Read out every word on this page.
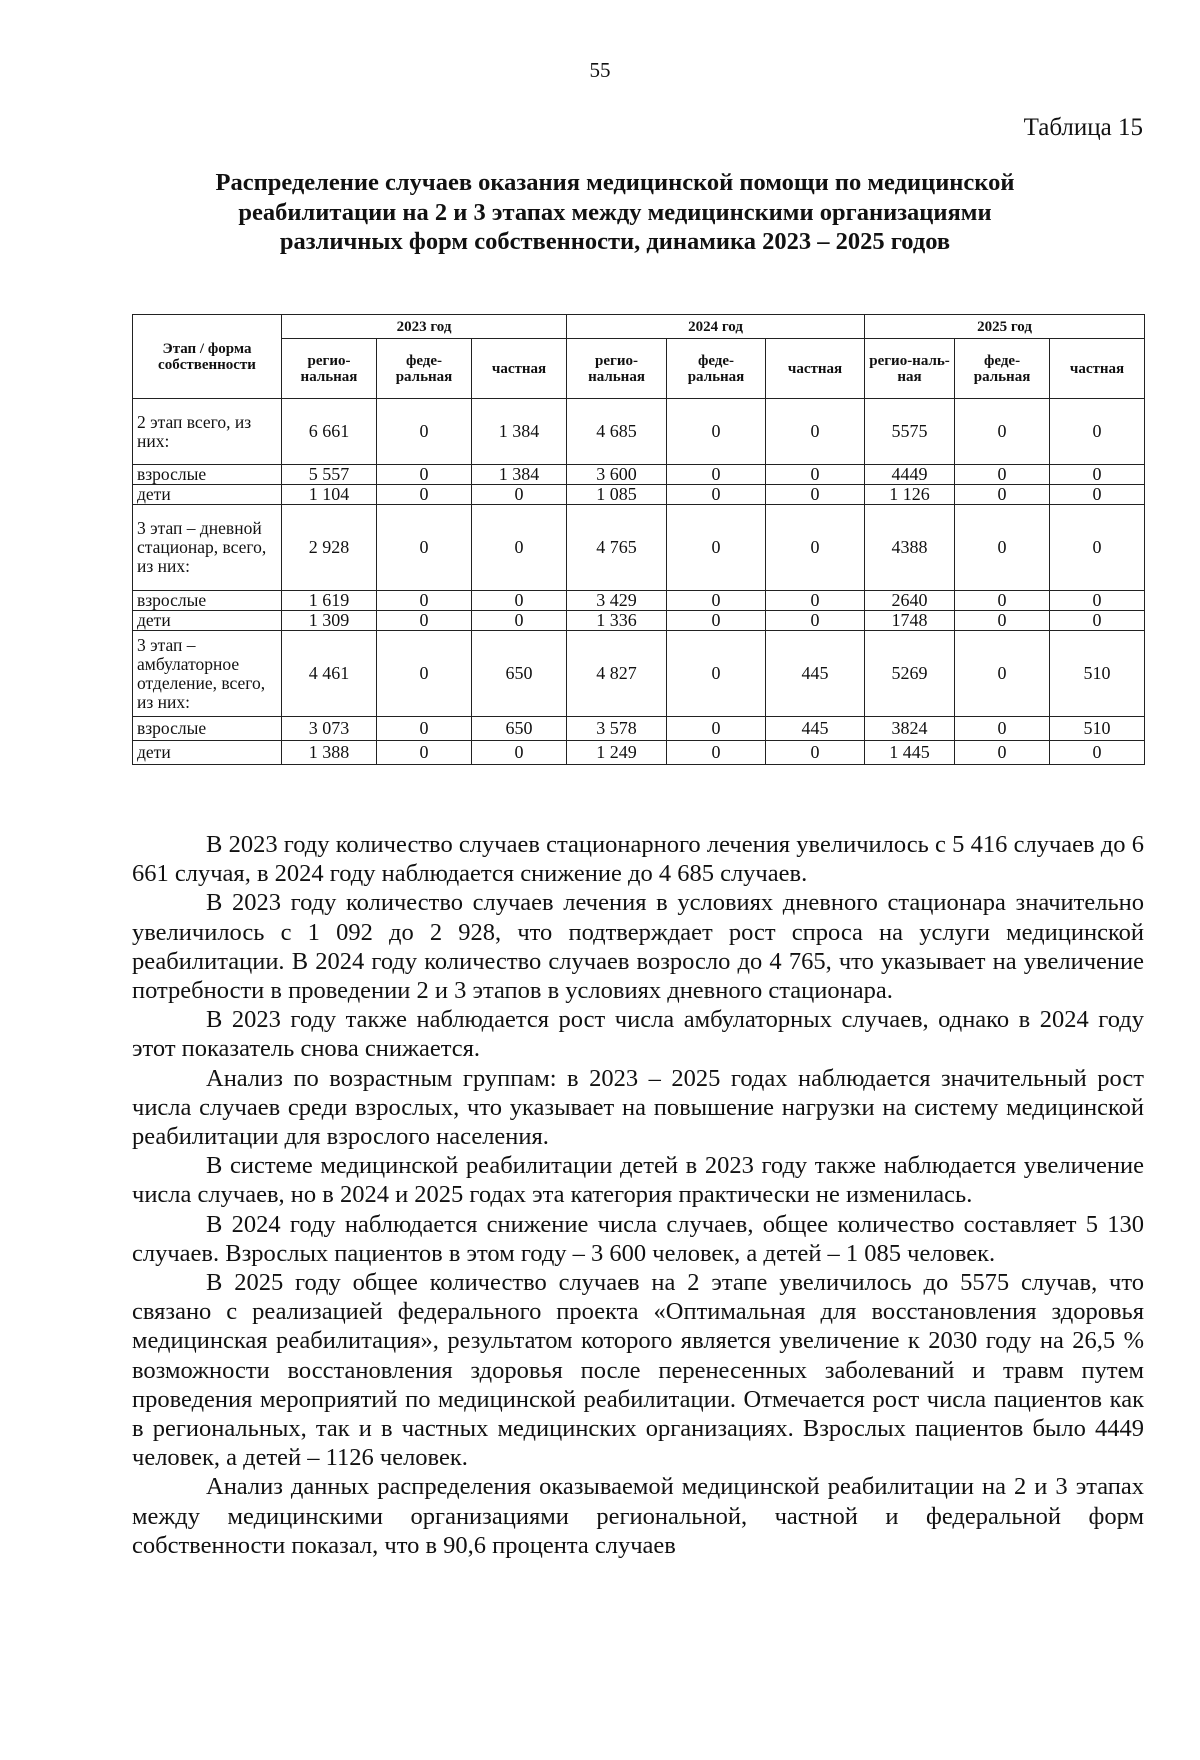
55
Таблица 15
Распределение случаев оказания медицинской помощи по медицинской реабилитации на 2 и 3 этапах между медицинскими организациями различных форм собственности, динамика 2023 – 2025 годов
Этап / форма собственности	2023 год			2024 год			2025 год		
	регио-нальная	феде-ральная	частная	регио-нальная	феде-ральная	частная	регио-наль-ная	феде-ральная	частная
2 этап всего, из них:	6 661	0	1 384	4 685	0	0	5575	0	0
взрослые	5 557	0	1 384	3 600	0	0	4449	0	0
дети	1 104	0	0	1 085	0	0	1 126	0	0
3 этап – дневной стационар, всего, из них:	2 928	0	0	4 765	0	0	4388	0	0
взрослые	1 619	0	0	3 429	0	0	2640	0	0
дети	1 309	0	0	1 336	0	0	1748	0	0
3 этап – амбулаторное отделение, всего, из них:	4 461	0	650	4 827	0	445	5269	0	510
взрослые	3 073	0	650	3 578	0	445	3824	0	510
дети	1 388	0	0	1 249	0	0	1 445	0	0

В 2023 году количество случаев стационарного лечения увеличилось с 5 416 случаев до 6 661 случая, в 2024 году наблюдается снижение до 4 685 случаев.

В 2023 году количество случаев лечения в условиях дневного стационара значительно увеличилось с 1 092 до 2 928, что подтверждает рост спроса на услуги медицинской реабилитации. В 2024 году количество случаев возросло до 4 765, что указывает на увеличение потребности в проведении 2 и 3 этапов в условиях дневного стационара.

В 2023 году также наблюдается рост числа амбулаторных случаев, однако в 2024 году этот показатель снова снижается.

Анализ по возрастным группам: в 2023 – 2025 годах наблюдается значительный рост числа случаев среди взрослых, что указывает на повышение нагрузки на систему медицинской реабилитации для взрослого населения.

В системе медицинской реабилитации детей в 2023 году также наблюдается увеличение числа случаев, но в 2024 и 2025 годах эта категория практически не изменилась.

В 2024 году наблюдается снижение числа случаев, общее количество составляет 5 130 случаев. Взрослых пациентов в этом году – 3 600 человек, а детей – 1 085 человек.

В 2025 году общее количество случаев на 2 этапе увеличилось до 5575 случав, что связано с реализацией федерального проекта «Оптимальная для восстановления здоровья медицинская реабилитация», результатом которого является увеличение к 2030 году на 26,5 % возможности восстановления здоровья после перенесенных заболеваний и травм путем проведения мероприятий по медицинской реабилитации. Отмечается рост числа пациентов как в региональных, так и в частных медицинских организациях. Взрослых пациентов было 4449 человек, а детей – 1126 человек.

Анализ данных распределения оказываемой медицинской реабилитации на 2 и 3 этапах между медицинскими организациями региональной, частной и федеральной форм собственности показал, что в 90,6 процента случаев
